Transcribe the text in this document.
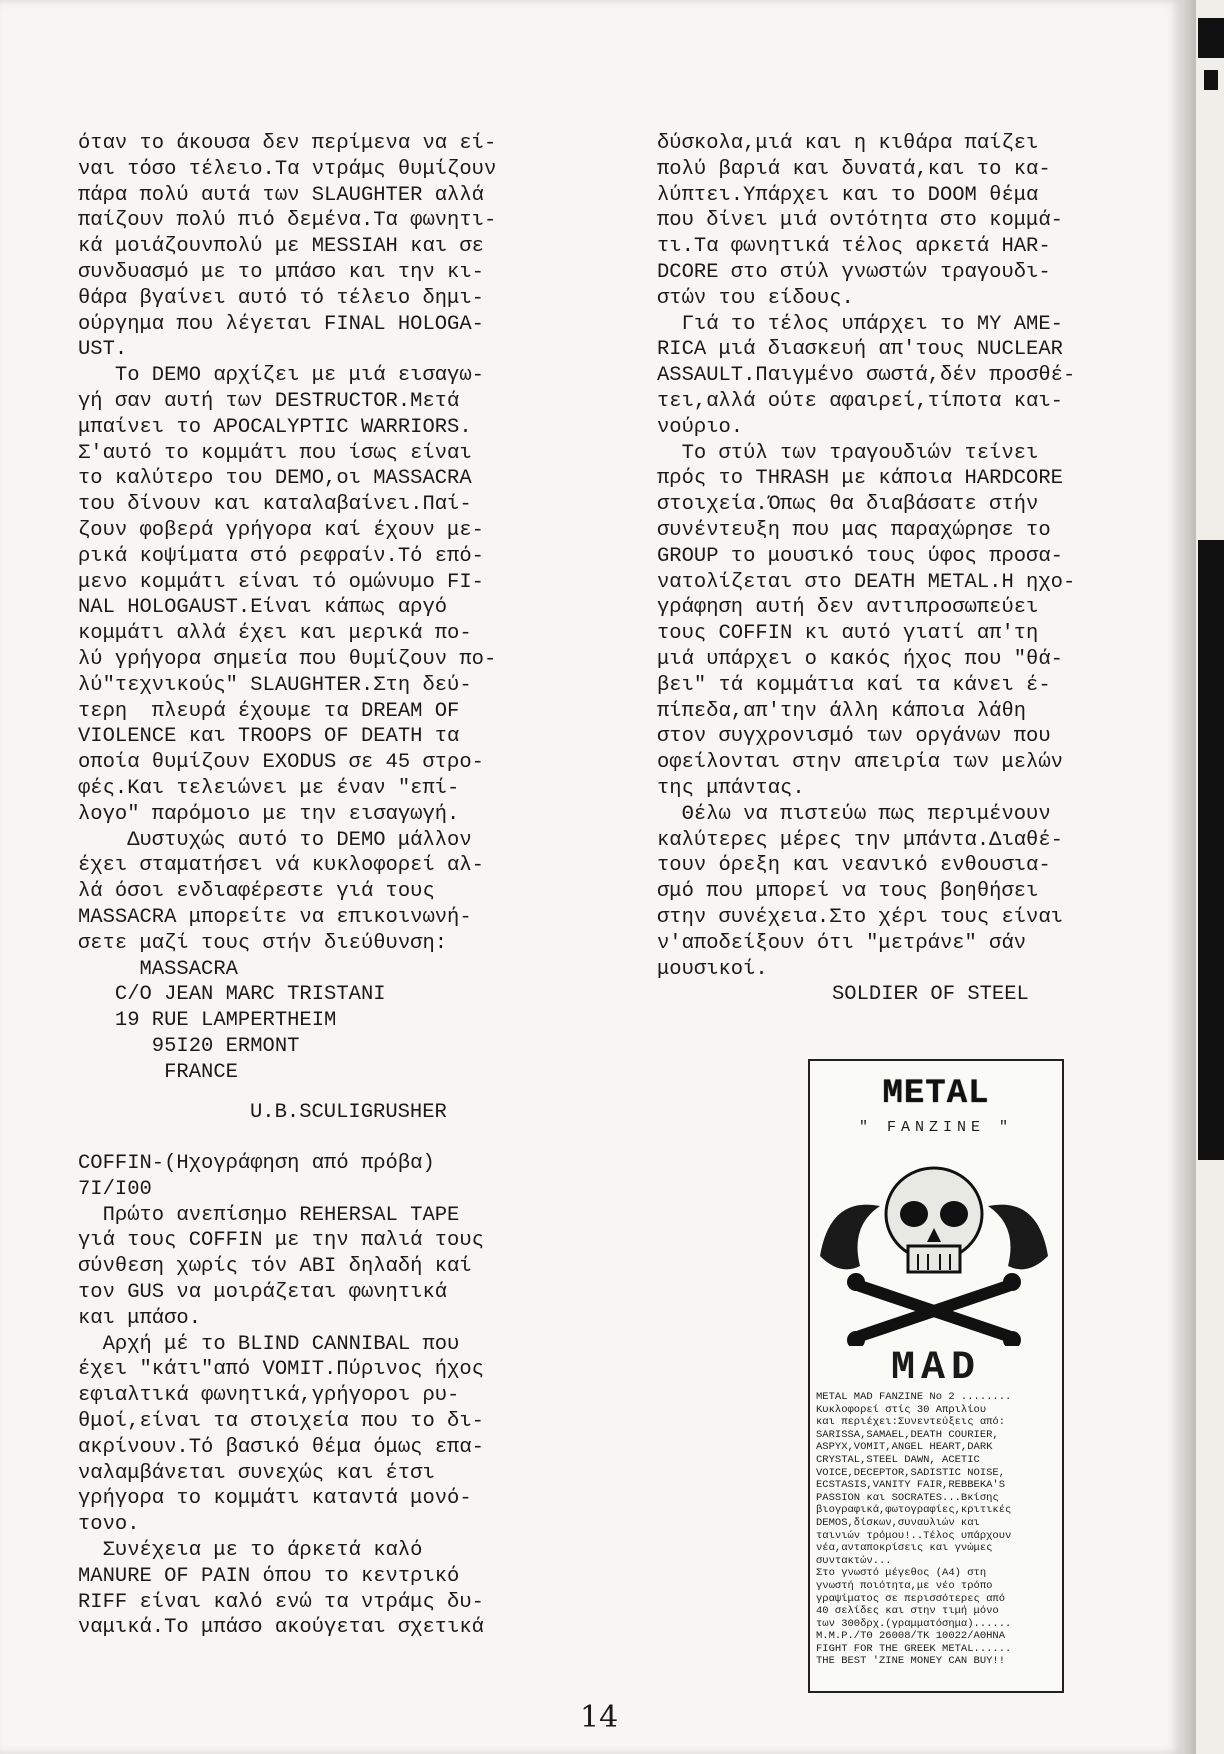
όταν το άκουσα δεν περίμενα να εί-

ναι τόσο τέλειο.Τα ντράμς θυμίζουν

πάρα πολύ αυτά των SLAUGHTER αλλά

παίζουν πολύ πιό δεμένα.Τα φωνητι-

κά μοιάζουνπολύ με MESSIAH και σε

συνδυασμό με το μπάσο και την κι-

θάρα βγαίνει αυτό τό τέλειο δημι-

ούργημα που λέγεται FINAL HOLOGA-

UST.

Το DEMO αρχίζει με μιά εισαγω-

γή σαν αυτή των DESTRUCTOR.Μετά

μπαίνει το APOCALYPTIC WARRIORS.

Σ'αυτό το κομμάτι που ίσως είναι

το καλύτερο του DEMO,οι MASSACRA

του δίνουν και καταλαβαίνει.Παί-

ζουν φοβερά γρήγορα καί έχουν με-

ρικά κοψίματα στό ρεφραίν.Τό επό-

μενο κομμάτι είναι τό ομώνυμο FI-

NAL HOLOGAUST.Είναι κάπως αργό

κομμάτι αλλά έχει και μερικά πο-

λύ γρήγορα σημεία που θυμίζουν πο-

λύ"τεχνικούς" SLAUGHTER.Στη δεύ-

τερη  πλευρά έχουμε τα DREAM OF

VIOLENCE και TROOPS OF DEATH τα

οποία θυμίζουν EXODUS σε 45 στρο-

φές.Και τελειώνει με έναν "επί-

λογο" παρόμοιο με την εισαγωγή.

Δυστυχώς αυτό το DEMO μάλλον

έχει σταματήσει νά κυκλοφορεί αλ-

λά όσοι ενδιαφέρεστε γιά τους

MASSACRA μπορείτε να επικοινωνή-

σετε μαζί τους στήν διεύθυνση:

MASSACRA

C/O JEAN MARC TRISTANI

19 RUE LAMPERTHEIM

95I20 ERMONT

FRANCE

U.B.SCULIGRUSHER

COFFIN-(Ηχογράφηση από πρόβα)

7I/I00

Πρώτο ανεπίσημο REHERSAL TAPE

γιά τους COFFIN με την παλιά τους

σύνθεση χωρίς τόν ABI δηλαδή καί

τον GUS να μοιράζεται φωνητικά

και μπάσο.

Αρχή μέ το BLIND CANNIBAL που

έχει "κάτι"από VOMIT.Πύρινος ήχος

εφιαλτικά φωνητικά,γρήγοροι ρυ-

θμοί,είναι τα στοιχεία που το δι-

ακρίνουν.Τό βασικό θέμα όμως επα-

ναλαμβάνεται συνεχώς και έτσι

γρήγορα το κομμάτι καταντά μονό-

τονο.

Συνέχεια με το άρκετά καλό

MANURE OF PAIN όπου το κεντρικό

RIFF είναι καλό ενώ τα ντράμς δυ-

ναμικά.Το μπάσο ακούγεται σχετικά

δύσκολα,μιά και η κιθάρα παίζει

πολύ βαριά και δυνατά,και το κα-

λύπτει.Υπάρχει και το DOOM θέμα

που δίνει μιά οντότητα στο κομμά-

τι.Τα φωνητικά τέλος αρκετά HAR-

DCORE στο στύλ γνωστών τραγουδι-

στών του είδους.

Γιά το τέλος υπάρχει το MY AME-

RICA μιά διασκευή απ'τους NUCLEAR

ASSAULT.Παιγμένο σωστά,δέν προσθέ-

τει,αλλά ούτε αφαιρεί,τίποτα και-

νούριο.

Το στύλ των τραγουδιών τείνει

πρός το THRASH με κάποια HARDCORE

στοιχεία.Όπως θα διαβάσατε στήν

συνέντευξη που μας παραχώρησε το

GROUP το μουσικό τους ύφος προσα-

νατολίζεται στο DEATH METAL.Η ηχο-

γράφηση αυτή δεν αντιπροσωπεύει

τους COFFIN κι αυτό γιατί απ'τη

μιά υπάρχει ο κακός ήχος που "θά-

βει" τά κομμάτια καί τα κάνει έ-

πίπεδα,απ'την άλλη κάποια λάθη

στον συγχρονισμό των οργάνων που

οφείλονται στην απειρία των μελών

της μπάντας.

Θέλω να πιστεύω πως περιμένουν

καλύτερες μέρες την μπάντα.Διαθέ-

τουν όρεξη και νεανικό ενθουσια-

σμό που μπορεί να τους βοηθήσει

στην συνέχεια.Στο χέρι τους είναι

ν'αποδείξουν ότι "μετράνε" σάν

μουσικοί.

SOLDIER OF STEEL
METAL
" FANZINE "
MAD

METAL MAD FANZINE No 2 ........

Κυκλοφορεί στίς 30 Απριλίου

και περιέχει:Συνεντεύξεις από:

SARISSA,SAMAEL,DEATH COURIER,

ASPYX,VOMIT,ANGEL HEART,DARK

CRYSTAL,STEEL DAWN, ACETIC

VOICE,DECEPTOR,SADISTIC NOISE,

ECSTASIS,VANITY FAIR,REBBEKA'S

PASSION και SOCRATES...Βκίσης

βιογραφικά,φωτογραφίες,κριτικές

DEMOS,δίσκων,συναυλιών και

ταινιών τρόμου!..Τέλος υπάρχουν

νέα,ανταποκρίσεις και γνώμες

συντακτών...

Στο γνωστό μέγεθος (Α4) στη

γνωστή ποιότητα,με νέο τρόπο

γραψίματος σε περισσότερες από

40 σελίδες και στην τιμή μόνο

των 300δρχ.(γραμματόσημα)......

M.M.P./TΘ 26008/ΤΚ 10022/ΑΘΗΝΑ

FIGHT FOR THE GREEK METAL......

THE BEST 'ZINE MONEY CAN BUY!!

14
